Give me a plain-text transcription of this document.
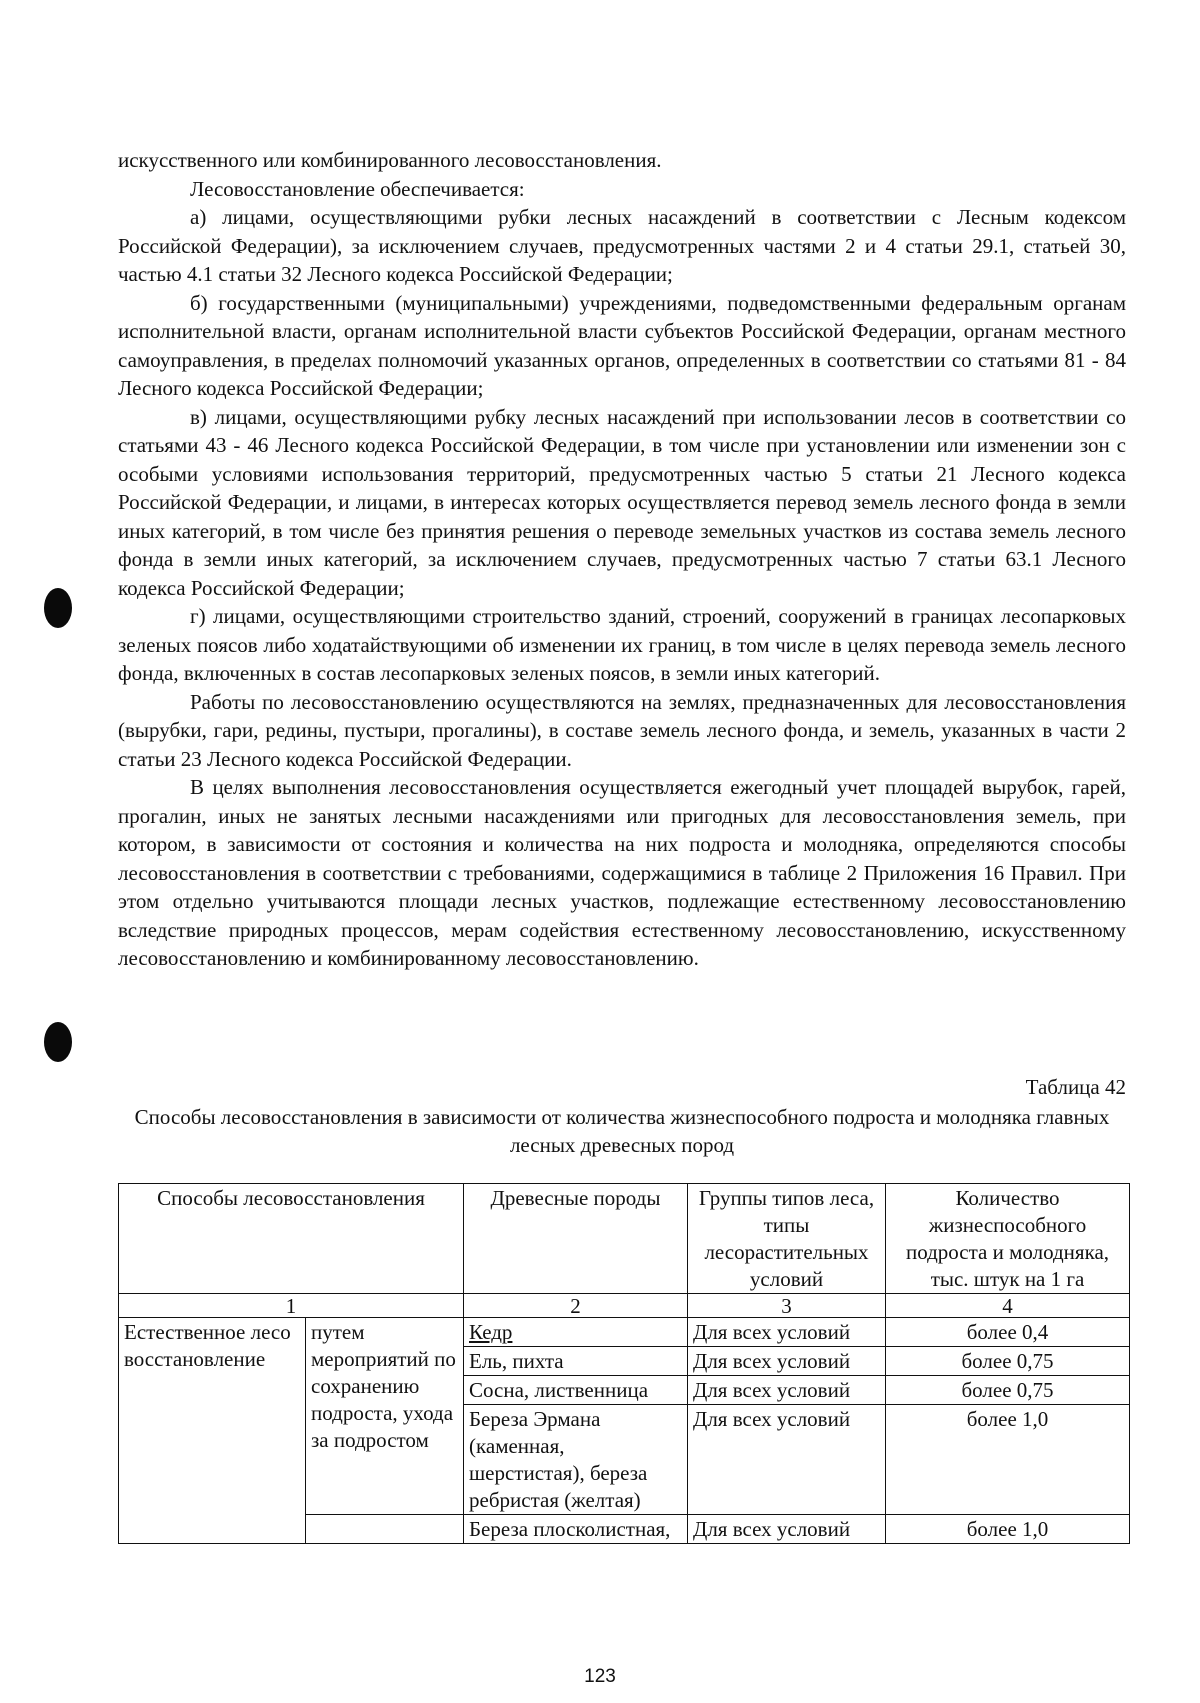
искусственного или комбинированного лесовосстановления.

Лесовосстановление обеспечивается:

а) лицами, осуществляющими рубки лесных насаждений в соответствии с Лесным кодексом Российской Федерации), за исключением случаев, предусмотренных частями 2 и 4 статьи 29.1, статьей 30, частью 4.1 статьи 32 Лесного кодекса Российской Федерации;

б) государственными (муниципальными) учреждениями, подведомственными федеральным органам исполнительной власти, органам исполнительной власти субъектов Российской Федерации, органам местного самоуправления, в пределах полномочий указанных органов, определенных в соответствии со статьями 81 - 84 Лесного кодекса Российской Федерации;

в) лицами, осуществляющими рубку лесных насаждений при использовании лесов в соответствии со статьями 43 - 46 Лесного кодекса Российской Федерации, в том числе при установлении или изменении зон с особыми условиями использования территорий, предусмотренных частью 5 статьи 21 Лесного кодекса Российской Федерации, и лицами, в интересах которых осуществляется перевод земель лесного фонда в земли иных категорий, в том числе без принятия решения о переводе земельных участков из состава земель лесного фонда в земли иных категорий, за исключением случаев, предусмотренных частью 7 статьи 63.1 Лесного кодекса Российской Федерации;

г) лицами, осуществляющими строительство зданий, строений, сооружений в границах лесопарковых зеленых поясов либо ходатайствующими об изменении их границ, в том числе в целях перевода земель лесного фонда, включенных в состав лесопарковых зеленых поясов, в земли иных категорий.

Работы по лесовосстановлению осуществляются на землях, предназначенных для лесовосстановления (вырубки, гари, редины, пустыри, прогалины), в составе земель лесного фонда, и земель, указанных в части 2 статьи 23 Лесного кодекса Российской Федерации.

В целях выполнения лесовосстановления осуществляется ежегодный учет площадей вырубок, гарей, прогалин, иных не занятых лесными насаждениями или пригодных для лесовосстановления земель, при котором, в зависимости от состояния и количества на них подроста и молодняка, определяются способы лесовосстановления в соответствии с требованиями, содержащимися в таблице 2 Приложения 16 Правил. При этом отдельно учитываются площади лесных участков, подлежащие естественному лесовосстановлению вследствие природных процессов, мерам содействия естественному лесовосстановлению, искусственному лесовосстановлению и комбинированному лесовосстановлению.

Таблица 42
Способы лесовосстановления в зависимости от количества жизнеспособного подроста и молодняка главных лесных древесных пород
Способы лесовосстановления		Древесные породы	Группы типов леса, типы лесорастительных условий	Количество жизнеспособного подроста и молодняка, тыс. штук на 1 га
1		2	3	4
Естественное лесовосстановление	путем мероприятий по сохранению подроста, ухода за подростом	Кедр	Для всех условий	более 0,4
		Ель, пихта	Для всех условий	более 0,75
		Сосна, лиственница	Для всех условий	более 0,75
		Береза Эрмана (каменная, шерстистая), береза ребристая (желтая)	Для всех условий	более 1,0
		Береза плосколистная,	Для всех условий	более 1,0
123
